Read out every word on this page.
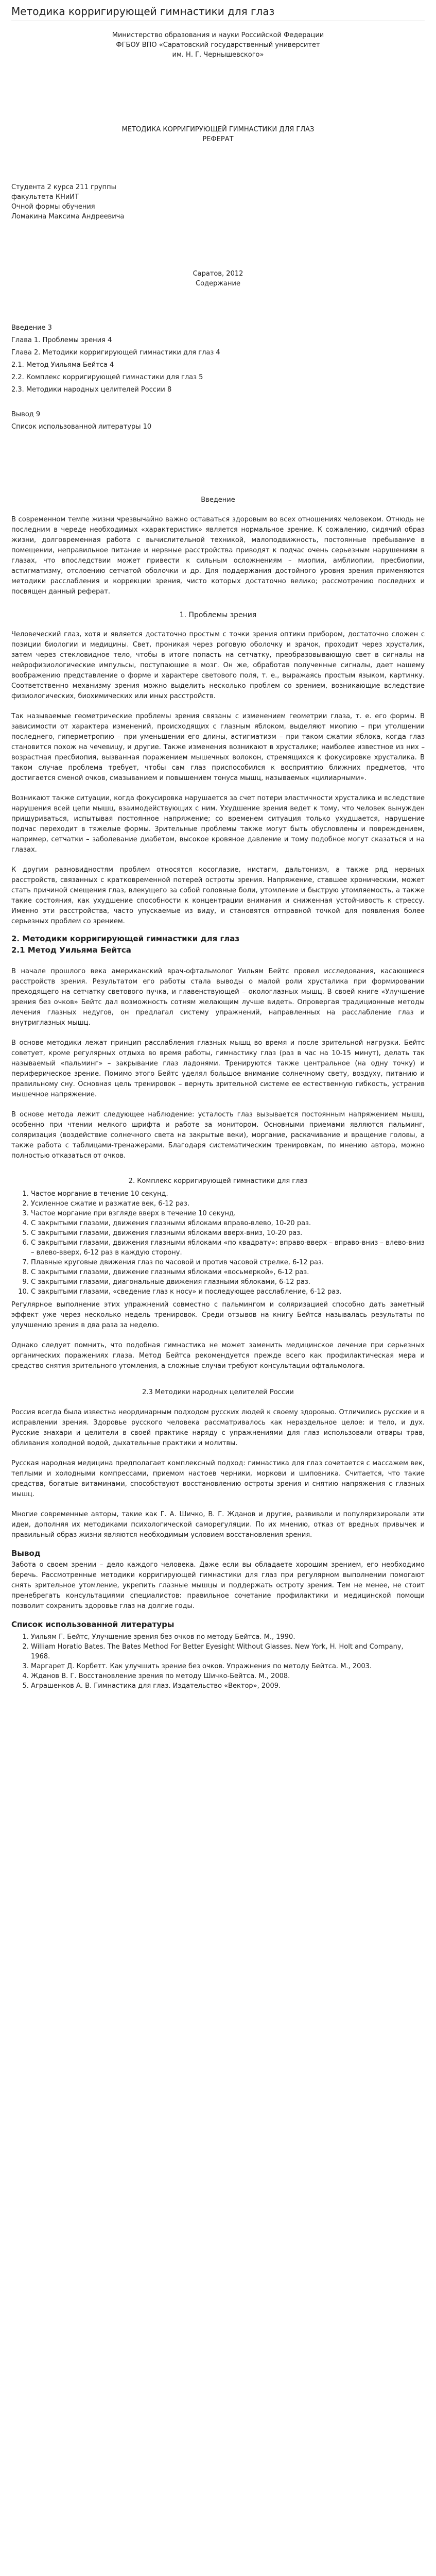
Методика корригирующей гимнастики для глаз

Министерство образования и науки Российской Федерации

ФГБОУ ВПО «Саратовский государственный университет

им. Н. Г. Чернышевского»

МЕТОДИКА КОРРИГИРУЮЩЕЙ ГИМНАСТИКИ ДЛЯ ГЛАЗ

РЕФЕРАТ

Студента 2 курса 211 группы

факультета КНиИТ

Очной формы обучения

Ломакина Максима Андреевича

Саратов, 2012

Содержание

Введение 3

Глава 1. Проблемы зрения 4

Глава 2. Методики корригирующей гимнастики для глаз 4

2.1. Метод Уильяма Бейтса 4

2.2. Комплекс корригирующей гимнастики для глаз 5

2.3. Методики народных целителей России 8

Вывод 9

Список использованной литературы 10

Введение

В современном темпе жизни чрезвычайно важно оставаться здоровым во всех отношениях человеком. Отнюдь не последним в череде необходимых «характеристик» является нормальное зрение. К сожалению, сидячий образ жизни, долговременная работа с вычислительной техникой, малоподвижность, постоянные пребывание в помещении, неправильное питание и нервные расстройства приводят к подчас очень серьезным нарушениям в глазах, что впоследствии может привести к сильным осложнениям – миопии, амблиопии, пресбиопии, астигматизму, отслоению сетчатой оболочки и др. Для поддержания достойного уровня зрения применяются методики расслабления и коррекции зрения, чисто которых достаточно велико; рассмотрению последних и посвящен данный реферат.

1. Проблемы зрения

Человеческий глаз, хотя и является достаточно простым с точки зрения оптики прибором, достаточно сложен с позиции биологии и медицины. Свет, проникая через роговую оболочку и зрачок, проходит через хрусталик, затем через стекловидное тело, чтобы в итоге попасть на сетчатку, преобразовывающую свет в сигналы на нейрофизиологические импульсы, поступающие в мозг. Он же, обработав полученные сигналы, дает нашему воображению представление о форме и характере светового поля, т. е., выражаясь простым языком, картинку. Соответственно механизму зрения можно выделить несколько проблем со зрением, возникающие вследствие физиологических, биохимических или иных расстройств.

Так называемые геометрические проблемы зрения связаны с изменением геометрии глаза, т. е. его формы. В зависимости от характера изменений, происходящих с глазным яблоком, выделяют миопию – при утолщении последнего, гиперметропию – при уменьшении его длины, астигматизм – при таком сжатии яблока, когда глаз становится похож на чечевицу, и другие. Также изменения возникают в хрусталике; наиболее известное из них – возрастная пресбиопия, вызванная поражением мышечных волокон, стремящихся к фокусировке хрусталика. В таком случае проблема требует, чтобы сам глаз приспособился к восприятию ближних предметов, что достигается сменой очков, смазыванием и повышением тонуса мышц, называемых «цилиарными».

Возникают также ситуации, когда фокусировка нарушается за счет потери эластичности хрусталика и вследствие нарушения всей цепи мышц, взаимодействующих с ним. Ухудшение зрения ведет к тому, что человек вынужден прищуриваться, испытывая постоянное напряжение; со временем ситуация только ухудшается, нарушение подчас переходит в тяжелые формы. Зрительные проблемы также могут быть обусловлены и повреждением, например, сетчатки – заболевание диабетом, высокое кровяное давление и тому подобное могут сказаться и на глазах.

К другим разновидностям проблем относятся косоглазие, нистагм, дальтонизм, а также ряд нервных расстройств, связанных с кратковременной потерей остроты зрения. Напряжение, ставшее хроническим, может стать причиной смещения глаз, влекущего за собой головные боли, утомление и быструю утомляемость, а также такие состояния, как ухудшение способности к концентрации внимания и сниженная устойчивость к стрессу. Именно эти расстройства, часто упускаемые из виду, и становятся отправной точкой для появления более серьезных проблем со зрением.

2. Методики корригирующей гимнастики для глаз
2.1 Метод Уильяма Бейтса

В начале прошлого века американский врач-офтальмолог Уильям Бейтс провел исследования, касающиеся расстройств зрения. Результатом его работы стала выводы о малой роли хрусталика при формировании преходящего на сетчатку светового пучка, и главенствующей – окологлазных мышц. В своей книге «Улучшение зрения без очков» Бейтс дал возможность сотням желающим лучше видеть. Опровергая традиционные методы лечения глазных недугов, он предлагал систему упражнений, направленных на расслабление глаз и внутриглазных мышц.

В основе методики лежат принцип расслабления глазных мышц во время и после зрительной нагрузки. Бейтс советует, кроме регулярных отдыха во время работы, гимнастику глаз (раз в час на 10-15 минут), делать так называемый «пальминг» – закрывание глаз ладонями. Тренируются также центральное (на одну точку) и периферическое зрение. Помимо этого Бейтс уделял большое внимание солнечному свету, воздуху, питанию и правильному сну. Основная цель тренировок – вернуть зрительной системе ее естественную гибкость, устранив мышечное напряжение.

В основе метода лежит следующее наблюдение: усталость глаз вызывается постоянным напряжением мышц, особенно при чтении мелкого шрифта и работе за монитором. Основными приемами являются пальминг, соляризация (воздействие солнечного света на закрытые веки), моргание, раскачивание и вращение головы, а также работа с таблицами-тренажерами. Благодаря систематическим тренировкам, по мнению автора, можно полностью отказаться от очков.

2. Комплекс корригирующей гимнастики для глаз

1. Частое моргание в течение 10 секунд.
2. Усиленное сжатие и разжатие век, 6-12 раз.
3. Частое моргание при взгляде вверх в течение 10 секунд.
4. С закрытыми глазами, движения глазными яблоками вправо-влево, 10-20 раз.
5. С закрытыми глазами, движения глазными яблоками вверх-вниз, 10-20 раз.
6. С закрытыми глазами, движения глазными яблоками «по квадрату»: вправо-вверх – вправо-вниз – влево-вниз – влево-вверх, 6-12 раз в каждую сторону.
7. Плавные круговые движения глаз по часовой и против часовой стрелке, 6-12 раз.
8. С закрытыми глазами, движение глазными яблоками «восьмеркой», 6-12 раз.
9. С закрытыми глазами, диагональные движения глазными яблоками, 6-12 раз.
10. С закрытыми глазами, «сведение глаз к носу» и последующее расслабление, 6-12 раз.

Регулярное выполнение этих упражнений совместно с пальмингом и соляризацией способно дать заметный эффект уже через несколько недель тренировок. Среди отзывов на книгу Бейтса называлась результаты по улучшению зрения в два раза за неделю.

Однако следует помнить, что подобная гимнастика не может заменить медицинское лечение при серьезных органических поражениях глаза. Метод Бейтса рекомендуется прежде всего как профилактическая мера и средство снятия зрительного утомления, а сложные случаи требуют консультации офтальмолога.

2.3 Методики народных целителей России

Россия всегда была известна неординарным подходом русских людей к своему здоровью. Отличились русские и в исправлении зрения. Здоровье русского человека рассматривалось как нераздельное целое: и тело, и дух. Русские знахари и целители в своей практике наряду с упражнениями для глаз использовали отвары трав, обливания холодной водой, дыхательные практики и молитвы.

Русская народная медицина предполагает комплексный подход: гимнастика для глаз сочетается с массажем век, теплыми и холодными компрессами, приемом настоев черники, моркови и шиповника. Считается, что такие средства, богатые витаминами, способствуют восстановлению остроты зрения и снятию напряжения с глазных мышц.

Многие современные авторы, такие как Г. А. Шичко, В. Г. Жданов и другие, развивали и популяризировали эти идеи, дополняя их методиками психологической саморегуляции. По их мнению, отказ от вредных привычек и правильный образ жизни являются необходимым условием восстановления зрения.

Вывод

Забота о своем зрении – дело каждого человека. Даже если вы обладаете хорошим зрением, его необходимо беречь. Рассмотренные методики корригирующей гимнастики для глаз при регулярном выполнении помогают снять зрительное утомление, укрепить глазные мышцы и поддержать остроту зрения. Тем не менее, не стоит пренебрегать консультациями специалистов: правильное сочетание профилактики и медицинской помощи позволит сохранить здоровье глаз на долгие годы.

Список использованной литературы
1. Уильям Г. Бейтс, Улучшение зрения без очков по методу Бейтса. М., 1990.
2. William Horatio Bates. The Bates Method For Better Eyesight Without Glasses. New York, H. Holt and Company, 1968.
3. Маргарет Д. Корбетт. Как улучшить зрение без очков. Упражнения по методу Бейтса. М., 2003.
4. Жданов В. Г. Восстановление зрения по методу Шичко-Бейтса. М., 2008.
5. Аграшенков А. В. Гимнастика для глаз. Издательство «Вектор», 2009.
